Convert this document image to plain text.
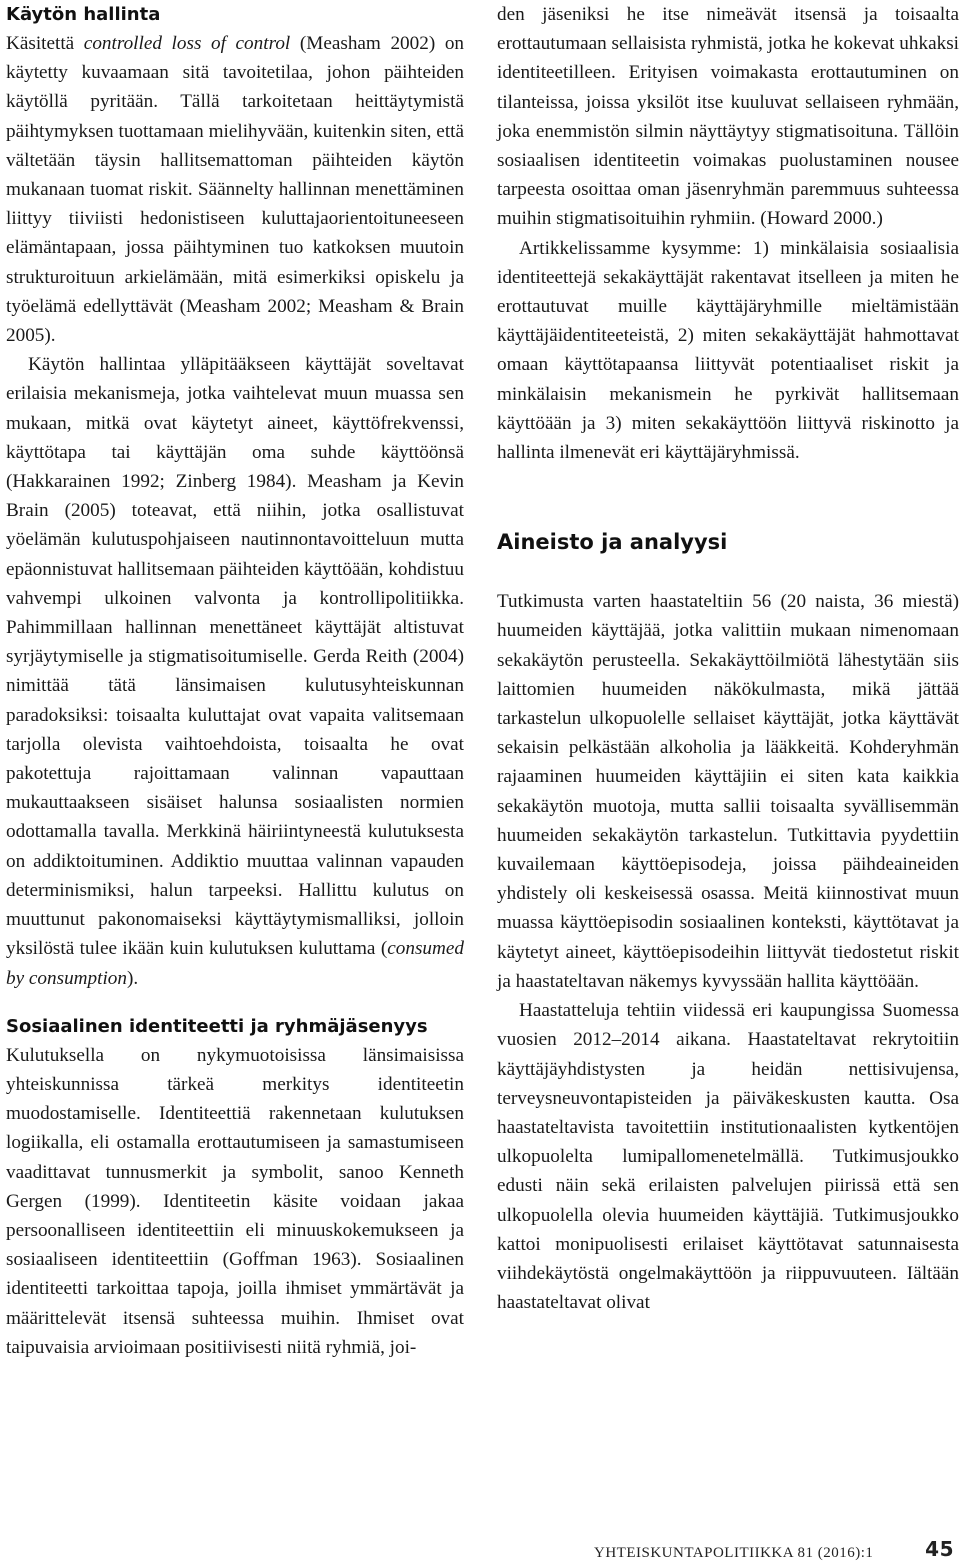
Käytön hallinta

Käsitettä controlled loss of control (Measham 2002) on käytetty kuvaamaan sitä tavoitetilaa, johon päihteiden käytöllä pyritään. Tällä tarkoitetaan heittäytymistä päihtymyksen tuottamaan mielihyvään, kuitenkin siten, että vältetään täysin hallitsemattoman päihteiden käytön mukanaan tuomat riskit. Säännelty hallinnan menettäminen liittyy tiiviisti hedonistiseen kuluttajaorientoituneeseen elämäntapaan, jossa päihtyminen tuo katkoksen muutoin strukturoituun arkielämään, mitä esimerkiksi opiskelu ja työelämä edellyttävät (Measham 2002; Measham & Brain 2005).

Käytön hallintaa ylläpitääkseen käyttäjät soveltavat erilaisia mekanismeja, jotka vaihtelevat muun muassa sen mukaan, mitkä ovat käytetyt aineet, käyttöfrekvenssi, käyttötapa tai käyttäjän oma suhde käyttöönsä (Hakkarainen 1992; Zinberg 1984). Measham ja Kevin Brain (2005) toteavat, että niihin, jotka osallistuvat yöelämän kulutuspohjaiseen nautinnontavoitteluun mutta epäonnistuvat hallitsemaan päihteiden käyttöään, kohdistuu vahvempi ulkoinen valvonta ja kontrollipolitiikka. Pahimmillaan hallinnan menettäneet käyttäjät altistuvat syrjäytymiselle ja stigmatisoitumiselle. Gerda Reith (2004) nimittää tätä länsimaisen kulutusyhteiskunnan paradoksiksi: toisaalta kuluttajat ovat vapaita valitsemaan tarjolla olevista vaihtoehdoista, toisaalta he ovat pakotettuja rajoittamaan valinnan vapauttaan mukauttaakseen sisäiset halunsa sosiaalisten normien odottamalla tavalla. Merkkinä häiriintyneestä kulutuksesta on addiktoituminen. Addiktio muuttaa valinnan vapauden determinismiksi, halun tarpeeksi. Hallittu kulutus on muuttunut pakonomaiseksi käyttäytymismalliksi, jolloin yksilöstä tulee ikään kuin kulutuksen kuluttama (consumed by consumption).

Sosiaalinen identiteetti ja ryhmäjäsenyys

Kulutuksella on nykymuotoisissa länsimaisissa yhteiskunnissa tärkeä merkitys identiteetin muodostamiselle. Identiteettiä rakennetaan kulutuksen logiikalla, eli ostamalla erottautumiseen ja samastumiseen vaadittavat tunnusmerkit ja symbolit, sanoo Kenneth Gergen (1999). Identiteetin käsite voidaan jakaa persoonalliseen identiteettiin eli minuuskokemukseen ja sosiaaliseen identiteettiin (Goffman 1963). Sosiaalinen identiteetti tarkoittaa tapoja, joilla ihmiset ymmärtävät ja määrittelevät itsensä suhteessa muihin. Ihmiset ovat taipuvaisia arvioimaan positiivisesti niitä ryhmiä, joi-

den jäseniksi he itse nimeävät itsensä ja toisaalta erottautumaan sellaisista ryhmistä, jotka he kokevat uhkaksi identiteetilleen. Erityisen voimakasta erottautuminen on tilanteissa, joissa yksilöt itse kuuluvat sellaiseen ryhmään, joka enemmistön silmin näyttäytyy stigmatisoituna. Tällöin sosiaalisen identiteetin voimakas puolustaminen nousee tarpeesta osoittaa oman jäsenryhmän paremmuus suhteessa muihin stigmatisoituihin ryhmiin. (Howard 2000.)

Artikkelissamme kysymme: 1) minkälaisia sosiaalisia identiteettejä sekakäyttäjät rakentavat itselleen ja miten he erottautuvat muille käyttäjäryhmille mieltämistään käyttäjäidentiteeteistä, 2) miten sekakäyttäjät hahmottavat omaan käyttötapaansa liittyvät potentiaaliset riskit ja minkälaisin mekanismein he pyrkivät hallitsemaan käyttöään ja 3) miten sekakäyttöön liittyvä riskinotto ja hallinta ilmenevät eri käyttäjäryhmissä.

Aineisto ja analyysi

Tutkimusta varten haastateltiin 56 (20 naista, 36 miestä) huumeiden käyttäjää, jotka valittiin mukaan nimenomaan sekakäytön perusteella. Sekakäyttöilmiötä lähestytään siis laittomien huumeiden näkökulmasta, mikä jättää tarkastelun ulkopuolelle sellaiset käyttäjät, jotka käyttävät sekaisin pelkästään alkoholia ja lääkkeitä. Kohderyhmän rajaaminen huumeiden käyttäjiin ei siten kata kaikkia sekakäytön muotoja, mutta sallii toisaalta syvällisemmän huumeiden sekakäytön tarkastelun. Tutkittavia pyydettiin kuvailemaan käyttöepisodeja, joissa päihdeaineiden yhdistely oli keskeisessä osassa. Meitä kiinnostivat muun muassa käyttöepisodin sosiaalinen konteksti, käyttötavat ja käytetyt aineet, käyttöepisodeihin liittyvät tiedostetut riskit ja haastateltavan näkemys kyvyssään hallita käyttöään.

Haastatteluja tehtiin viidessä eri kaupungissa Suomessa vuosien 2012–2014 aikana. Haastateltavat rekrytoitiin käyttäjäyhdistysten ja heidän nettisivujensa, terveysneuvontapisteiden ja päiväkeskusten kautta. Osa haastateltavista tavoitettiin institutionaalisten kytkentöjen ulkopuolelta lumipallomenetelmällä. Tutkimusjoukko edusti näin sekä erilaisten palvelujen piirissä että sen ulkopuolella olevia huumeiden käyttäjiä. Tutkimusjoukko kattoi monipuolisesti erilaiset käyttötavat satunnaisesta viihdekäytöstä ongelmakäyttöön ja riippuvuuteen. Iältään haastateltavat olivat

YHTEISKUNTAPOLITIIKKA 81 (2016):1	45
